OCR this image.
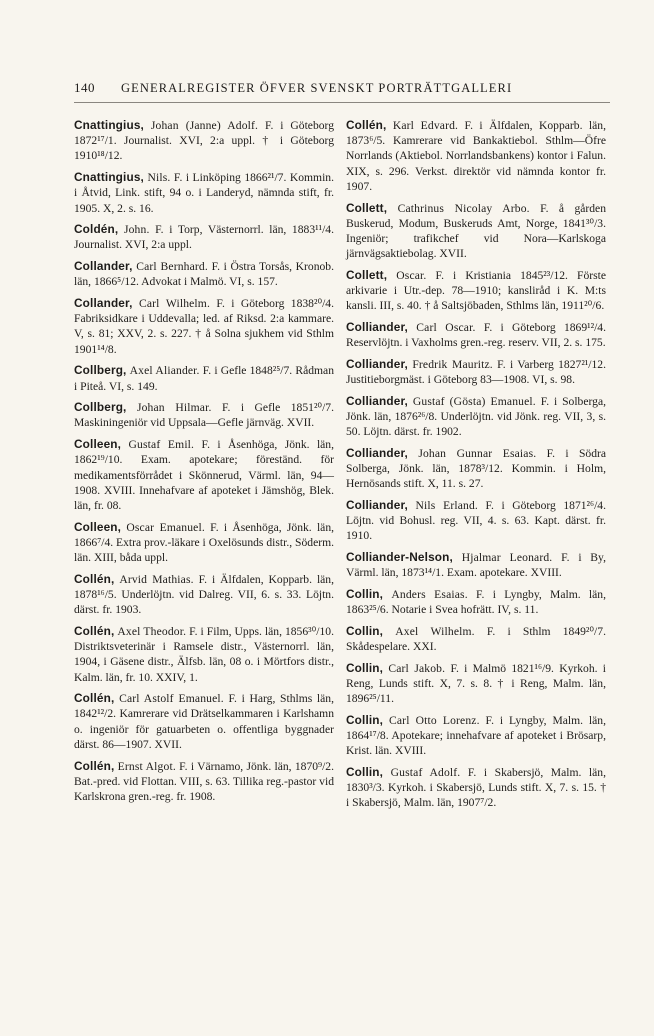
140 GENERALREGISTER ÖFVER SVENSKT PORTRÄTTGALLERI

Cnattingius, Johan (Janne) Adolf. F. i Göteborg 1872¹⁷/1. Journalist. XVI, 2:a uppl. † i Göteborg 1910¹⁸/12.

Cnattingius, Nils. F. i Linköping 1866²¹/7. Kommin. i Åtvid, Link. stift, 94 o. i Landeryd, nämnda stift, fr. 1905. X, 2. s. 16.

Coldén, John. F. i Torp, Västernorrl. län, 1883¹¹/4. Journalist. XVI, 2:a uppl.

Collander, Carl Bernhard. F. i Östra Torsås, Kronob. län, 1866⁵/12. Advokat i Malmö. VI, s. 157.

Collander, Carl Wilhelm. F. i Göteborg 1838²⁰/4. Fabriksidkare i Uddevalla; led. af Riksd. 2:a kammare. V, s. 81; XXV, 2. s. 227. † å Solna sjukhem vid Sthlm 1901¹⁴/8.

Collberg, Axel Aliander. F. i Gefle 1848²⁵/7. Rådman i Piteå. VI, s. 149.

Collberg, Johan Hilmar. F. i Gefle 1851²⁰/7. Maskiningeniör vid Uppsala—Gefle järnväg. XVII.

Colleen, Gustaf Emil. F. i Åsenhöga, Jönk. län, 1862¹⁹/10. Exam. apotekare; föreständ. för medikamentsförrådet i Skönnerud, Värml. län, 94—1908. XVIII. Innehafvare af apoteket i Jämshög, Blek. län, fr. 08.

Colleen, Oscar Emanuel. F. i Åsenhöga, Jönk. län, 1866⁷/4. Extra prov.-läkare i Oxelösunds distr., Söderm. län. XIII, båda uppl.

Collén, Arvid Mathias. F. i Älfdalen, Kopparb. län, 1878¹⁶/5. Underlöjtn. vid Dalreg. VII, 6. s. 33. Löjtn. därst. fr. 1903.

Collén, Axel Theodor. F. i Film, Upps. län, 1856³⁰/10. Distriktsveterinär i Ramsele distr., Västernorrl. län, 1904, i Gäsene distr., Älfsb. län, 08 o. i Mörtfors distr., Kalm. län, fr. 10. XXIV, 1.

Collén, Carl Astolf Emanuel. F. i Harg, Sthlms län, 1842¹²/2. Kamrerare vid Drätselkammaren i Karlshamn o. ingeniör för gatuarbeten o. offentliga byggnader därst. 86—1907. XVII.

Collén, Ernst Algot. F. i Värnamo, Jönk. län, 1870⁹/2. Bat.-pred. vid Flottan. VIII, s. 63. Tillika reg.-pastor vid Karlskrona gren.-reg. fr. 1908.

Collén, Karl Edvard. F. i Älfdalen, Kopparb. län, 1873⁶/5. Kamrerare vid Bankaktiebol. Sthlm—Öfre Norrlands (Aktiebol. Norrlandsbankens) kontor i Falun. XIX, s. 296. Verkst. direktör vid nämnda kontor fr. 1907.

Collett, Cathrinus Nicolay Arbo. F. å gården Buskerud, Modum, Buskeruds Amt, Norge, 1841³⁰/3. Ingeniör; trafikchef vid Nora—Karlskoga järnvägsaktiebolag. XVII.

Collett, Oscar. F. i Kristiania 1845²³/12. Förste arkivarie i Utr.-dep. 78—1910; kanslіråd i K. M:ts kansli. III, s. 40. † å Saltsjöbaden, Sthlms län, 1911²⁰/6.

Colliander, Carl Oscar. F. i Göteborg 1869¹²/4. Reservlöjtn. i Vaxholms gren.-reg. reserv. VII, 2. s. 175.

Colliander, Fredrik Mauritz. F. i Varberg 1827²¹/12. Justitieborgmäst. i Göteborg 83—1908. VI, s. 98.

Colliander, Gustaf (Gösta) Emanuel. F. i Solberga, Jönk. län, 1876²⁶/8. Underlöjtn. vid Jönk. reg. VII, 3, s. 50. Löjtn. därst. fr. 1902.

Colliander, Johan Gunnar Esaias. F. i Södra Solberga, Jönk. län, 1878³/12. Kommin. i Holm, Hernösands stift. X, 11. s. 27.

Colliander, Nils Erland. F. i Göteborg 1871²⁶/4. Löjtn. vid Bohusl. reg. VII, 4. s. 63. Kapt. därst. fr. 1910.

Colliander-Nelson, Hjalmar Leonard. F. i By, Värml. län, 1873¹⁴/1. Exam. apotekare. XVIII.

Collin, Anders Esaias. F. i Lyngby, Malm. län, 1863²⁵/6. Notarie i Svea hofrätt. IV, s. 11.

Collin, Axel Wilhelm. F. i Sthlm 1849²⁰/7. Skådespelare. XXI.

Collin, Carl Jakob. F. i Malmö 1821¹⁶/9. Kyrkoh. i Reng, Lunds stift. X, 7. s. 8. † i Reng, Malm. län, 1896²⁵/11.

Collin, Carl Otto Lorenz. F. i Lyngby, Malm. län, 1864¹⁷/8. Apotekare; innehafvare af apoteket i Brösarp, Krist. län. XVIII.

Collin, Gustaf Adolf. F. i Skabersjö, Malm. län, 1830³/3. Kyrkoh. i Skabersjö, Lunds stift. X, 7. s. 15. † i Skabersjö, Malm. län, 1907⁷/2.
